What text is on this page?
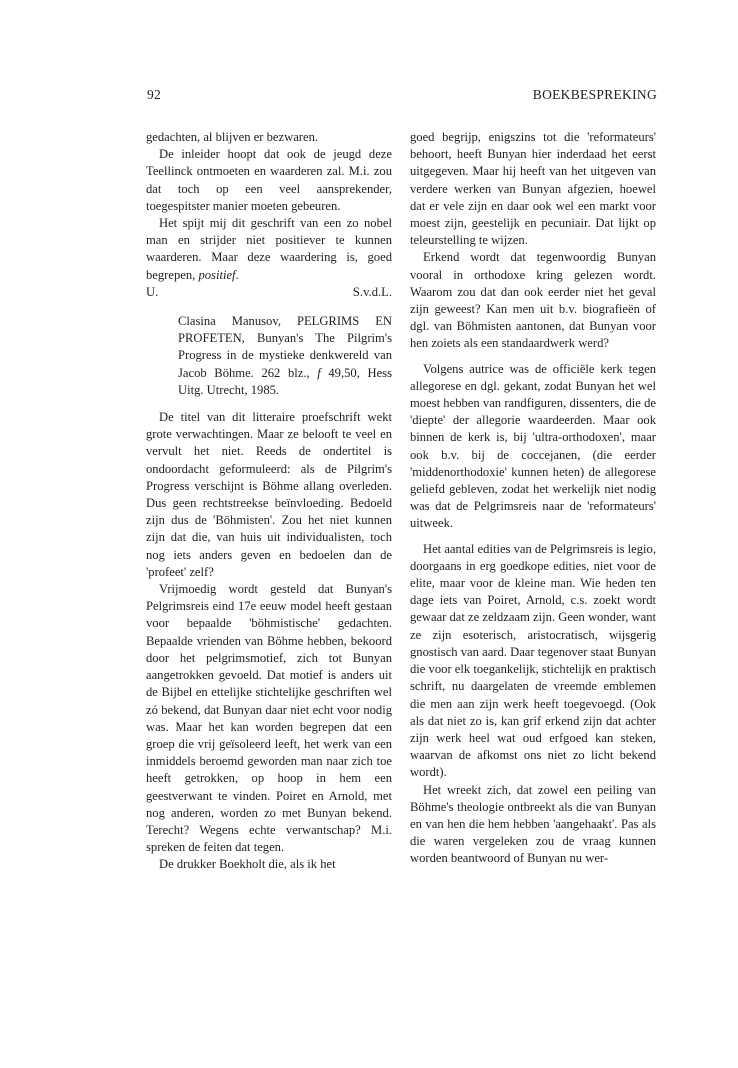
92	BOEKBESPREKING

gedachten, al blijven er bezwaren.

De inleider hoopt dat ook de jeugd deze Teellinck ontmoeten en waarderen zal. M.i. zou dat toch op een veel aansprekender, toegespitster manier moeten gebeuren.

Het spijt mij dit geschrift van een zo nobel man en strijder niet positiever te kunnen waarderen. Maar deze waardering is, goed begrepen, positief.

U.	S.v.d.L.

Clasina Manusov, PELGRIMS EN PROFETEN, Bunyan's The Pilgrim's Progress in de mystieke denkwereld van Jacob Böhme. 262 blz., f 49,50, Hess Uitg. Utrecht, 1985.

De titel van dit litteraire proefschrift wekt grote verwachtingen. Maar ze belooft te veel en vervult het niet. Reeds de ondertitel is ondoordacht geformuleerd: als de Pilgrim's Progress verschijnt is Böhme allang overleden. Dus geen rechtstreekse beïnvloeding. Bedoeld zijn dus de 'Böhmisten'. Zou het niet kunnen zijn dat die, van huis uit individualisten, toch nog iets anders geven en bedoelen dan de 'profeet' zelf?

Vrijmoedig wordt gesteld dat Bunyan's Pelgrimsreis eind 17e eeuw model heeft gestaan voor bepaalde 'böhmistische' gedachten. Bepaalde vrienden van Böhme hebben, bekoord door het pelgrimsmotief, zich tot Bunyan aangetrokken gevoeld. Dat motief is anders uit de Bijbel en ettelijke stichtelijke geschriften wel zó bekend, dat Bunyan daar niet echt voor nodig was. Maar het kan worden begrepen dat een groep die vrij geïsoleerd leeft, het werk van een inmiddels beroemd geworden man naar zich toe heeft getrokken, op hoop in hem een geestverwant te vinden. Poiret en Arnold, met nog anderen, worden zo met Bunyan bekend. Terecht? Wegens echte verwantschap? M.i. spreken de feiten dat tegen.

De drukker Boekholt die, als ik het

goed begrijp, enigszins tot die 'reformateurs' behoort, heeft Bunyan hier inderdaad het eerst uitgegeven. Maar hij heeft van het uitgeven van verdere werken van Bunyan afgezien, hoewel dat er vele zijn en daar ook wel een markt voor moest zijn, geestelijk en pecuniair. Dat lijkt op teleurstelling te wijzen.

Erkend wordt dat tegenwoordig Bunyan vooral in orthodoxe kring gelezen wordt. Waarom zou dat dan ook eerder niet het geval zijn geweest? Kan men uit b.v. biografieën of dgl. van Böhmisten aantonen, dat Bunyan voor hen zoiets als een standaardwerk werd?

Volgens autrice was de officiële kerk tegen allegorese en dgl. gekant, zodat Bunyan het wel moest hebben van randfiguren, dissenters, die de 'diepte' der allegorie waardeerden. Maar ook binnen de kerk is, bij 'ultra-orthodoxen', maar ook b.v. bij de coccejanen, (die eerder 'middenorthodoxie' kunnen heten) de allegorese geliefd gebleven, zodat het werkelijk niet nodig was dat de Pelgrimsreis naar de 'reformateurs' uitweek.

Het aantal edities van de Pelgrimsreis is legio, doorgaans in erg goedkope edities, niet voor de elite, maar voor de kleine man. Wie heden ten dage iets van Poiret, Arnold, c.s. zoekt wordt gewaar dat ze zeldzaam zijn. Geen wonder, want ze zijn esoterisch, aristocratisch, wijsgerig gnostisch van aard. Daar tegenover staat Bunyan die voor elk toegankelijk, stichtelijk en praktisch schrift, nu daargelaten de vreemde emblemen die men aan zijn werk heeft toegevoegd. (Ook als dat niet zo is, kan grif erkend zijn dat achter zijn werk heel wat oud erfgoed kan steken, waarvan de afkomst ons niet zo licht bekend wordt).

Het wreekt zich, dat zowel een peiling van Böhme's theologie ontbreekt als die van Bunyan en van hen die hem hebben 'aangehaakt'. Pas als die waren vergeleken zou de vraag kunnen worden beantwoord of Bunyan nu wer-
